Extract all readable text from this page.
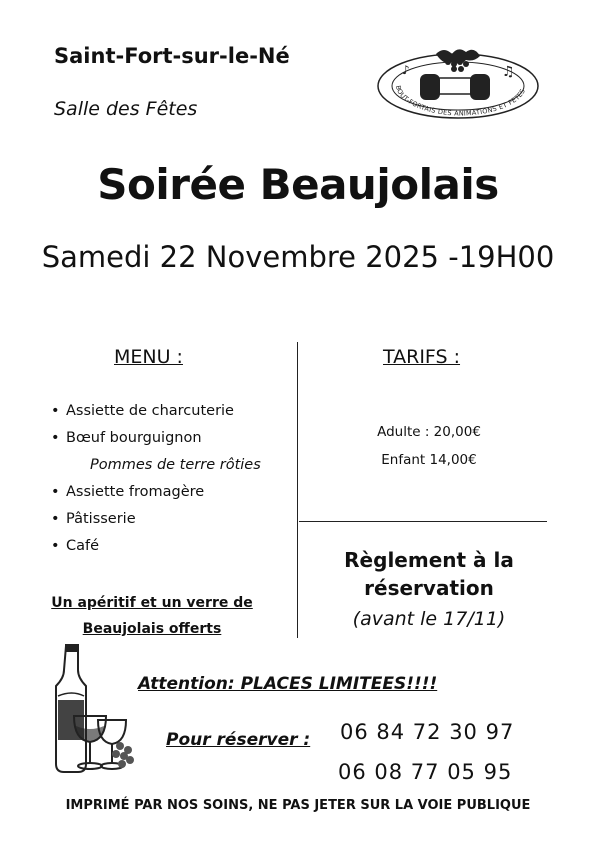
Saint-Fort-sur-le-Né
Salle des Fêtes
♪	♫
BOUT-FORTAIS DES ANIMATIONS ET FETES
Soirée Beaujolais
Samedi 22 Novembre 2025 -19H00
MENU :
• Assiette de charcuterie
• Bœuf bourguignon
Pommes de terre rôties
• Assiette fromagère
• Pâtisserie
• Café
Un apéritif et un verre de Beaujolais offerts
TARIFS :
Adulte : 20,00€
Enfant 14,00€
Règlement à la réservation
(avant le 17/11)
Attention: PLACES LIMITEES!!!!
Pour réserver : 06 84 72 30 97
06 08 77 05 95
IMPRIMÉ PAR NOS SOINS, NE PAS JETER SUR LA VOIE PUBLIQUE
